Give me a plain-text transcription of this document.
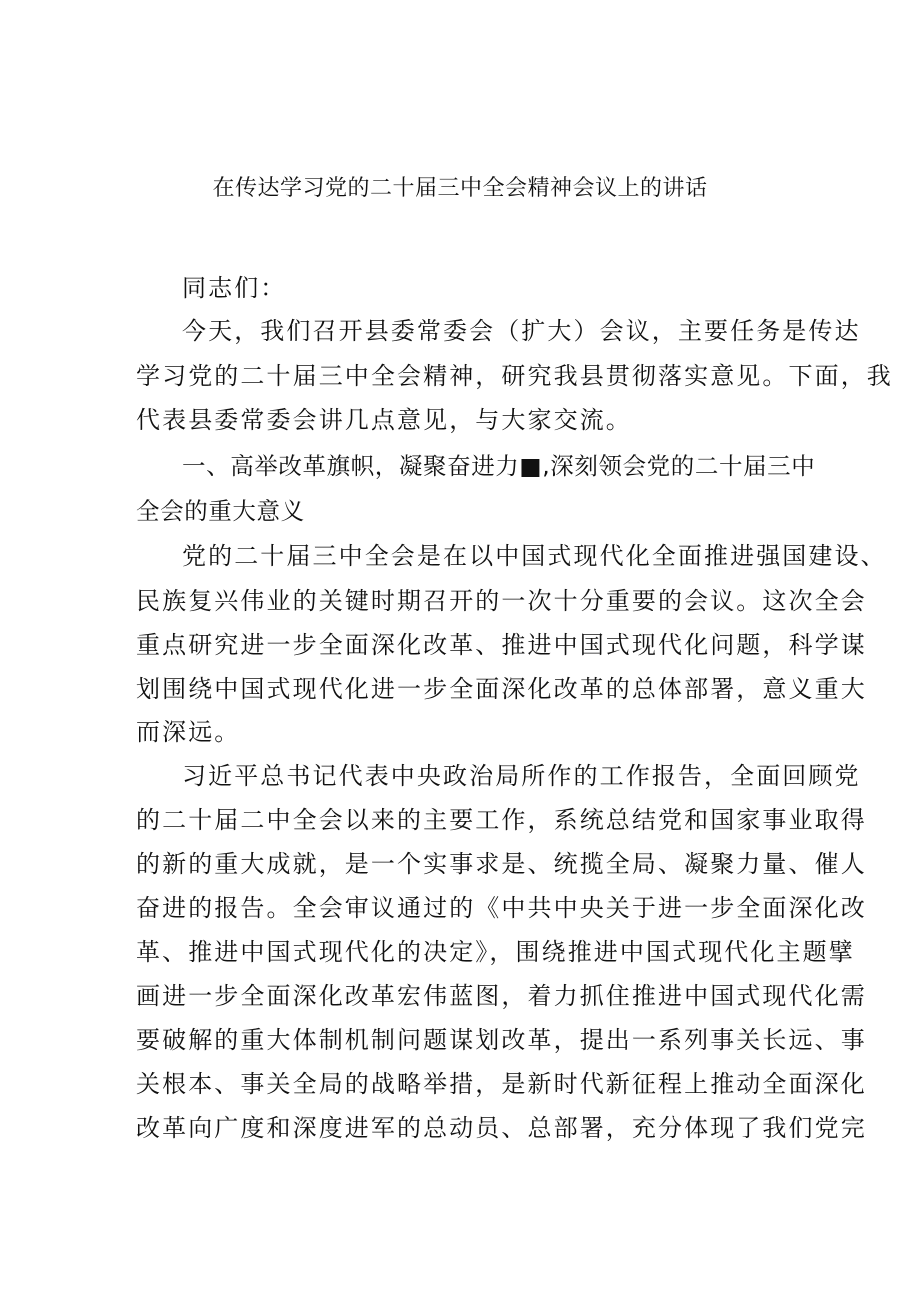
在传达学习党的二十届三中全会精神会议上的讲话
同志们：
今天，我们召开县委常委会（扩大）会议，主要任务是传达
学习党的二十届三中全会精神，研究我县贯彻落实意见。下面，我
代表县委常委会讲几点意见，与大家交流。
一、高举改革旗帜，凝聚奋进力■,深刻领会党的二十届三中
全会的重大意义
党的二十届三中全会是在以中国式现代化全面推进强国建设、
民族复兴伟业的关键时期召开的一次十分重要的会议。这次全会
重点研究进一步全面深化改革、推进中国式现代化问题，科学谋
划围绕中国式现代化进一步全面深化改革的总体部署，意义重大
而深远。
习近平总书记代表中央政治局所作的工作报告，全面回顾党
的二十届二中全会以来的主要工作，系统总结党和国家事业取得
的新的重大成就，是一个实事求是、统揽全局、凝聚力量、催人
奋进的报告。全会审议通过的《中共中央关于进一步全面深化改
革、推进中国式现代化的决定》，围绕推进中国式现代化主题擘
画进一步全面深化改革宏伟蓝图，着力抓住推进中国式现代化需
要破解的重大体制机制问题谋划改革，提出一系列事关长远、事
关根本、事关全局的战略举措，是新时代新征程上推动全面深化
改革向广度和深度进军的总动员、总部署，充分体现了我们党完
